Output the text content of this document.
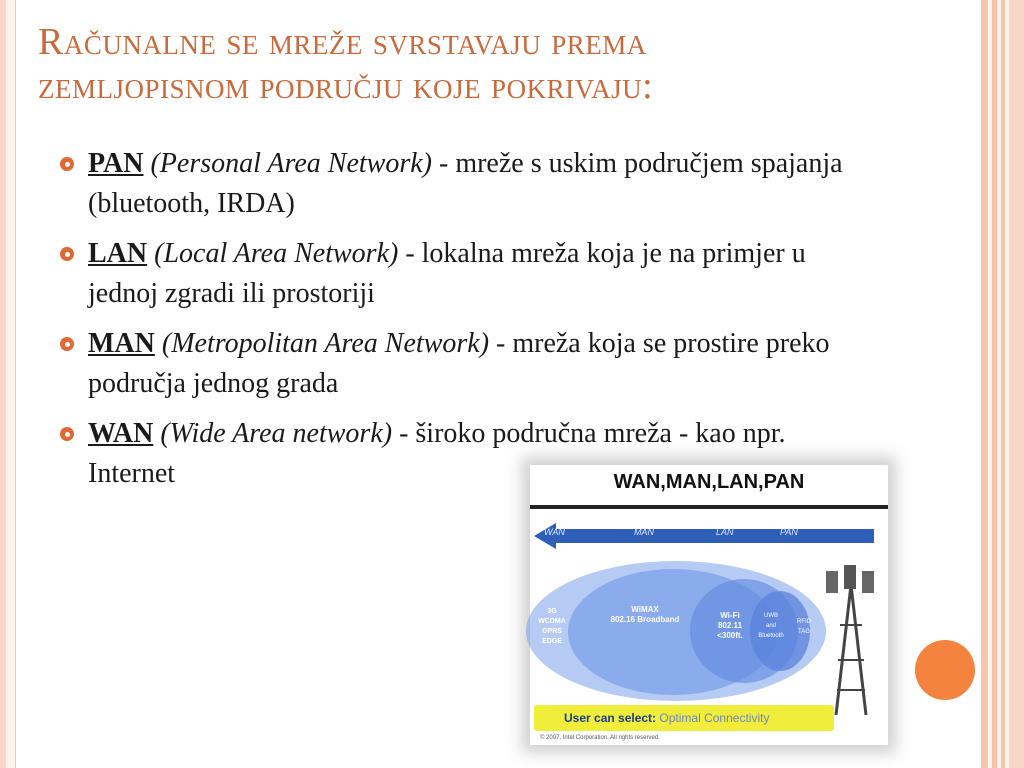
Računalne se mreže svrstavaju prema
zemljopisnom području koje pokrivaju:
PAN (Personal Area Network) - mreže s uskim područjem spajanja (bluetooth, IRDA)
LAN (Local Area Network) - lokalna mreža koja je na primjer u jednoj zgradi ili prostoriji
MAN (Metropolitan Area Network) - mreža koja se prostire preko područja jednog grada
WAN (Wide Area network) - široko područna mreža - kao npr. Internet	WAN,MAN,LAN,PAN
WAN	MAN	LAN	PAN
3G
WCDMA
GPRS
EDGE
WiMAX
802.16 Broadband	Wi-Fi
802.11
<300ft.
UWB
and
Bluetooth
RFID
TAG
User can select: Optimal Connectivity
© 2007, Intel Corporation. All rights reserved.
